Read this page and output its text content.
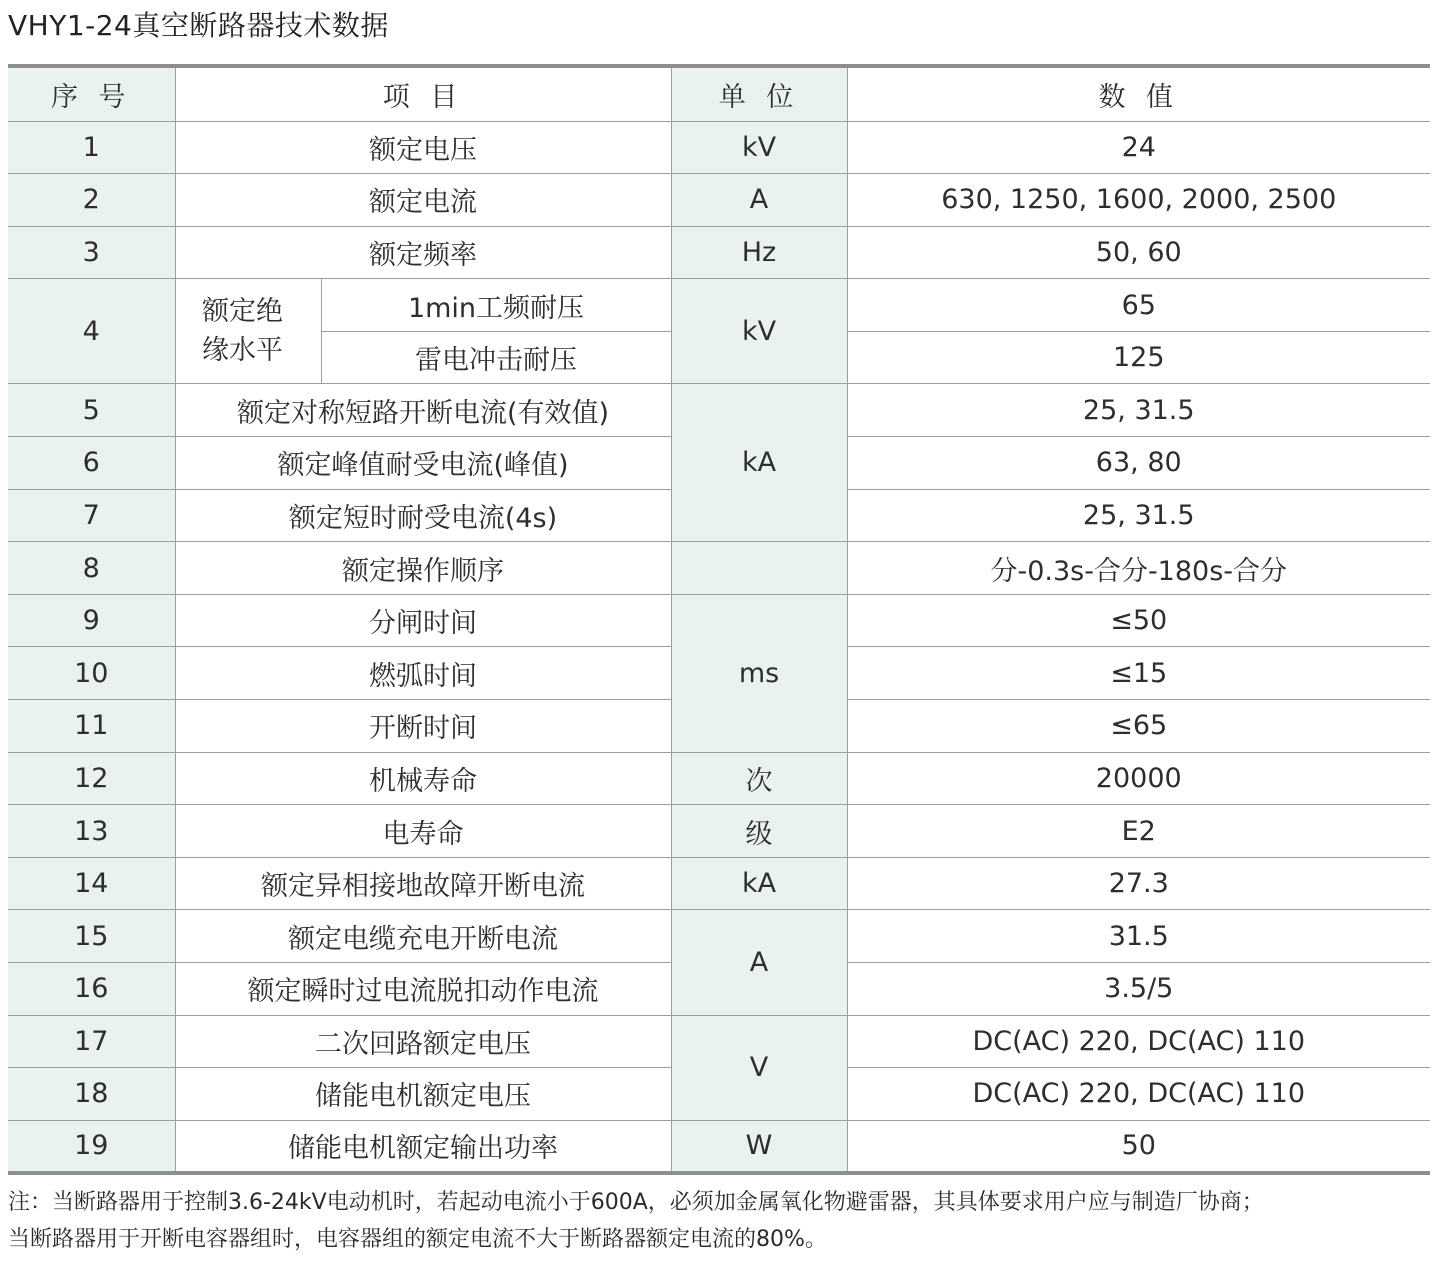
VHY1-24真空断路器技术数据
序 号	项 目		单 位	数 值
1	额定电压		kV	24
2	额定电流		A	630, 1250, 1600, 2000, 2500
3	额定频率		Hz	50, 60
4	额定绝缘水平	1min工频耐压	kV	65
		雷电冲击耐压		125
5	额定对称短路开断电流(有效值)		kA	25, 31.5
6	额定峰值耐受电流(峰值)			63, 80
7	额定短时耐受电流(4s)			25, 31.5
8	额定操作顺序			分-0.3s-合分-180s-合分
9	分闸时间		ms	≤50
10	燃弧时间			≤15
11	开断时间			≤65
12	机械寿命		次	20000
13	电寿命		级	E2
14	额定异相接地故障开断电流		kA	27.3
15	额定电缆充电开断电流		A	31.5
16	额定瞬时过电流脱扣动作电流			3.5/5
17	二次回路额定电压		V	DC(AC) 220, DC(AC) 110
18	储能电机额定电压			DC(AC) 220, DC(AC) 110
19	储能电机额定输出功率		W	50
注：当断路器用于控制3.6-24kV电动机时，若起动电流小于600A，必须加金属氧化物避雷器，其具体要求用户应与制造厂协商；
当断路器用于开断电容器组时，电容器组的额定电流不大于断路器额定电流的80%。
